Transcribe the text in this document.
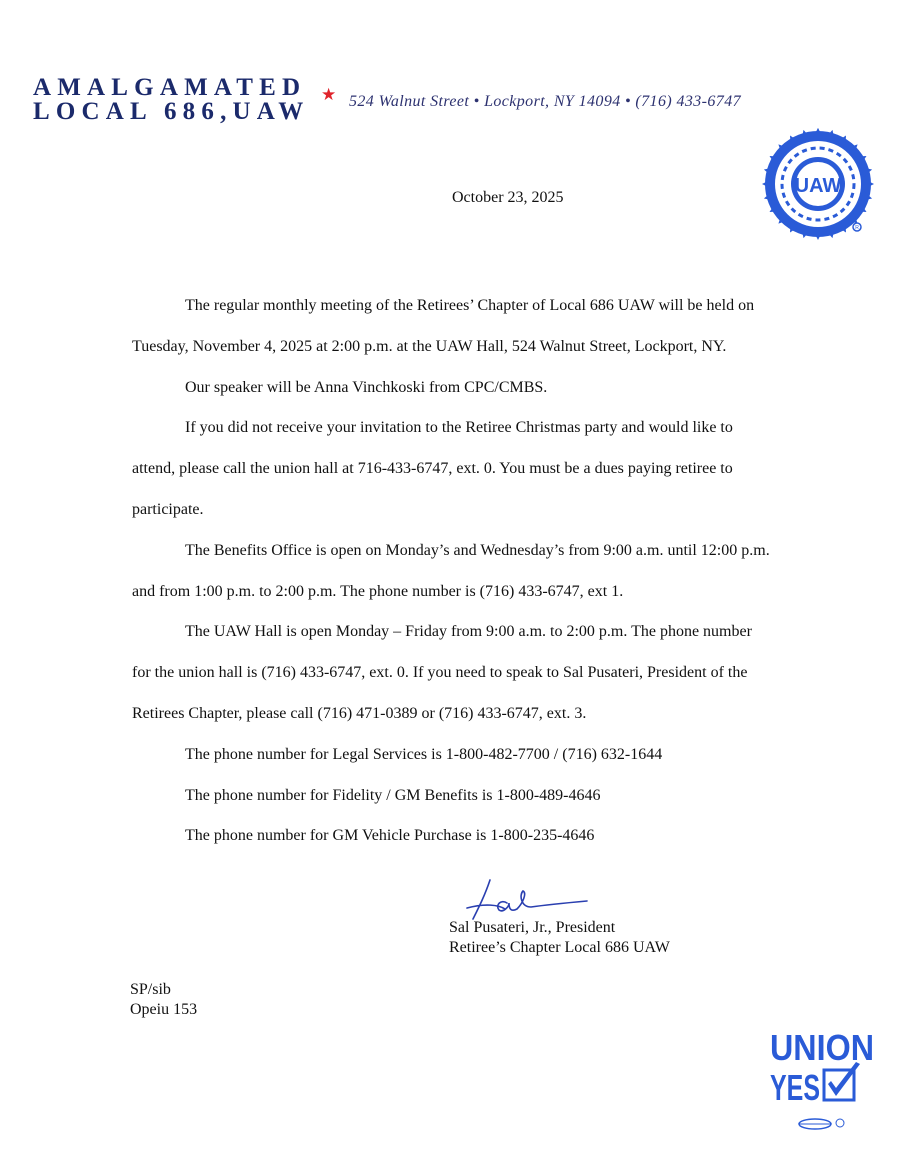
AMALGAMATED
LOCAL 686,UAW
★ 524 Walnut Street • Lockport, NY 14094 • (716) 433-6747
UAW
R
October 23, 2025

The regular monthly meeting of the Retirees’ Chapter of Local 686 UAW will be held on Tuesday, November 4, 2025 at 2:00 p.m. at the UAW Hall, 524 Walnut Street, Lockport, NY.

Our speaker will be Anna Vinchkoski from CPC/CMBS.

If you did not receive your invitation to the Retiree Christmas party and would like to attend, please call the union hall at 716-433-6747, ext. 0. You must be a dues paying retiree to participate.

The Benefits Office is open on Monday’s and Wednesday’s from 9:00 a.m. until 12:00 p.m. and from 1:00 p.m. to 2:00 p.m. The phone number is (716) 433-6747, ext 1.

The UAW Hall is open Monday – Friday from 9:00 a.m. to 2:00 p.m. The phone number for the union hall is (716) 433-6747, ext. 0. If you need to speak to Sal Pusateri, President of the Retirees Chapter, please call (716) 471-0389 or (716) 433-6747, ext. 3.

The phone number for Legal Services is 1-800-482-7700 / (716) 632-1644

The phone number for Fidelity / GM Benefits is 1-800-489-4646

The phone number for GM Vehicle Purchase is 1-800-235-4646

Sal Pusateri, Jr., President
Retiree’s Chapter Local 686 UAW
SP/sib
Opeiu 153
UNION
YES
